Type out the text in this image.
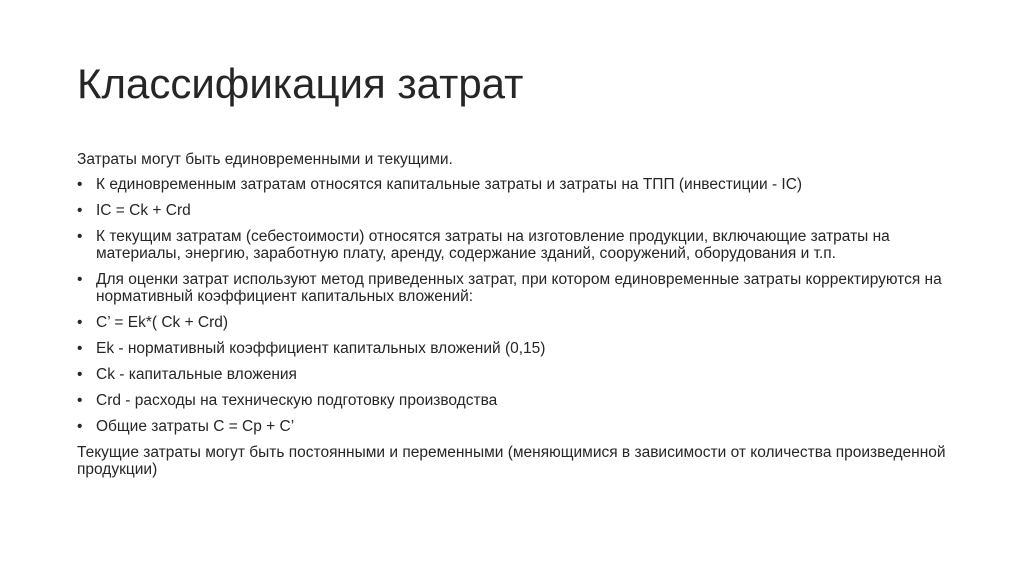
Классификация затрат

Затраты могут быть единовременными и текущими.

• К единовременным затратам относятся капитальные затраты и затраты на ТПП (инвестиции - IC)
• IC = Ck + Crd
• К текущим затратам (себестоимости) относятся затраты на изготовление продукции, включающие затраты на материалы, энергию, заработную плату, аренду, содержание зданий, сооружений, оборудования и т.п.
• Для оценки затрат используют метод приведенных затрат, при котором единовременные затраты корректируются на нормативный коэффициент капитальных вложений:
• C’ = Ek*( Ck + Crd)
• Ek - нормативный коэффициент капитальных вложений (0,15)
• Ck - капитальные вложения
• Crd - расходы на техническую подготовку производства
• Общие затраты C = Cp + C’

Текущие затраты могут быть постоянными и переменными (меняющимися в зависимости от количества произведенной продукции)
